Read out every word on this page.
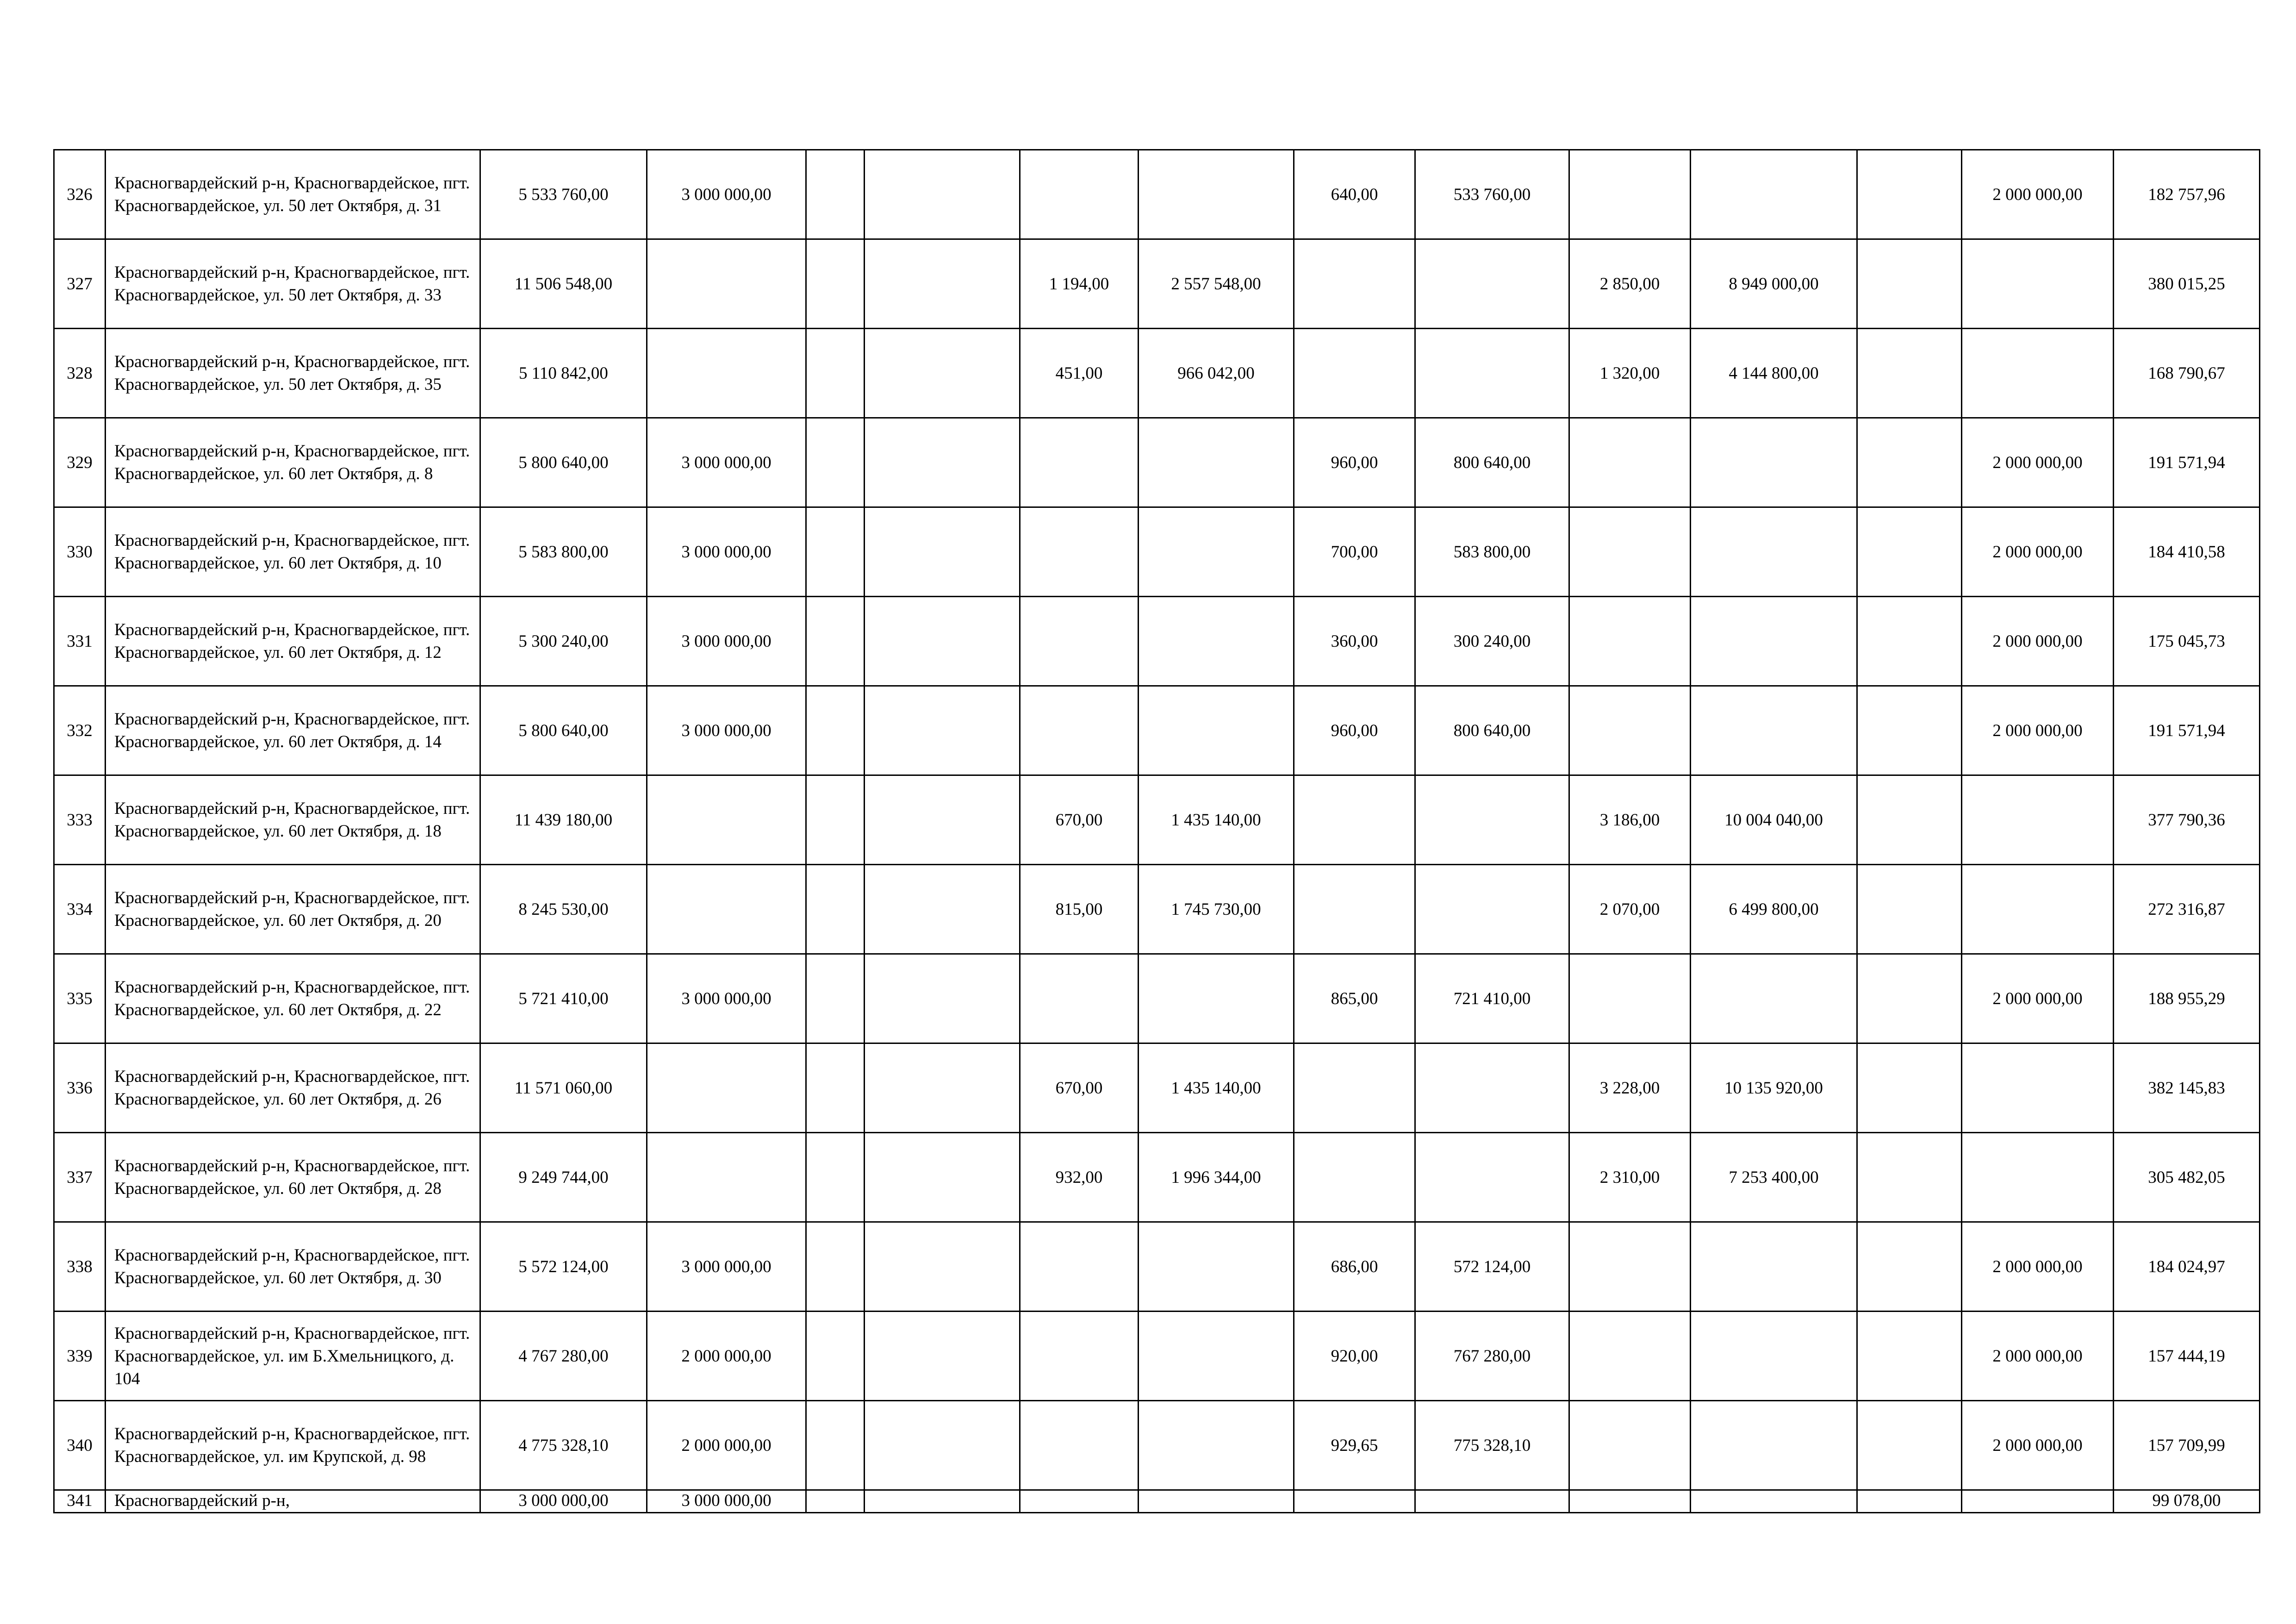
326	Красногвардейский р-н, Красногвардейское, пгт. Красногвардейское, ул. 50 лет Октября, д. 31	5 533 760,00	3 000 000,00					640,00	533 760,00				2 000 000,00	182 757,96
327	Красногвардейский р-н, Красногвардейское, пгт. Красногвардейское, ул. 50 лет Октября, д. 33	11 506 548,00				1 194,00	2 557 548,00			2 850,00	8 949 000,00			380 015,25
328	Красногвардейский р-н, Красногвардейское, пгт. Красногвардейское, ул. 50 лет Октября, д. 35	5 110 842,00				451,00	966 042,00			1 320,00	4 144 800,00			168 790,67
329	Красногвардейский р-н, Красногвардейское, пгт. Красногвардейское, ул. 60 лет Октября, д. 8	5 800 640,00	3 000 000,00					960,00	800 640,00				2 000 000,00	191 571,94
330	Красногвардейский р-н, Красногвардейское, пгт. Красногвардейское, ул. 60 лет Октября, д. 10	5 583 800,00	3 000 000,00					700,00	583 800,00				2 000 000,00	184 410,58
331	Красногвардейский р-н, Красногвардейское, пгт. Красногвардейское, ул. 60 лет Октября, д. 12	5 300 240,00	3 000 000,00					360,00	300 240,00				2 000 000,00	175 045,73
332	Красногвардейский р-н, Красногвардейское, пгт. Красногвардейское, ул. 60 лет Октября, д. 14	5 800 640,00	3 000 000,00					960,00	800 640,00				2 000 000,00	191 571,94
333	Красногвардейский р-н, Красногвардейское, пгт. Красногвардейское, ул. 60 лет Октября, д. 18	11 439 180,00				670,00	1 435 140,00			3 186,00	10 004 040,00			377 790,36
334	Красногвардейский р-н, Красногвардейское, пгт. Красногвардейское, ул. 60 лет Октября, д. 20	8 245 530,00				815,00	1 745 730,00			2 070,00	6 499 800,00			272 316,87
335	Красногвардейский р-н, Красногвардейское, пгт. Красногвардейское, ул. 60 лет Октября, д. 22	5 721 410,00	3 000 000,00					865,00	721 410,00				2 000 000,00	188 955,29
336	Красногвардейский р-н, Красногвардейское, пгт. Красногвардейское, ул. 60 лет Октября, д. 26	11 571 060,00				670,00	1 435 140,00			3 228,00	10 135 920,00			382 145,83
337	Красногвардейский р-н, Красногвардейское, пгт. Красногвардейское, ул. 60 лет Октября, д. 28	9 249 744,00				932,00	1 996 344,00			2 310,00	7 253 400,00			305 482,05
338	Красногвардейский р-н, Красногвардейское, пгт. Красногвардейское, ул. 60 лет Октября, д. 30	5 572 124,00	3 000 000,00					686,00	572 124,00				2 000 000,00	184 024,97
339	Красногвардейский р-н, Красногвардейское, пгт. Красногвардейское, ул. им Б.Хмельницкого, д. 104	4 767 280,00	2 000 000,00					920,00	767 280,00				2 000 000,00	157 444,19
340	Красногвардейский р-н, Красногвардейское, пгт. Красногвардейское, ул. им Крупской, д. 98	4 775 328,10	2 000 000,00					929,65	775 328,10				2 000 000,00	157 709,99
341	Красногвардейский р-н,	3 000 000,00	3 000 000,00											99 078,00
